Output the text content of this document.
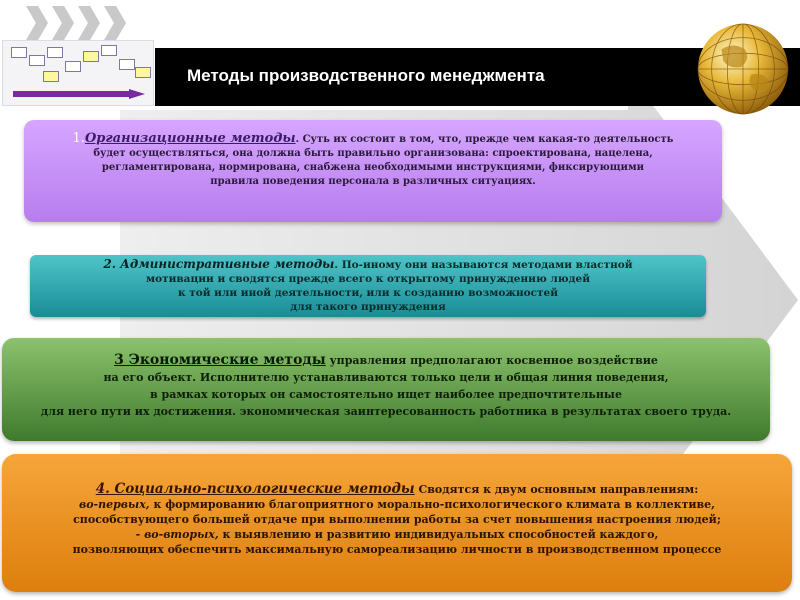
Методы производственного менеджмента
1.Организационные методы. Суть их состоит в том, что, прежде чем какая-то деятельность
будет осуществляться, она должна быть правильно организована: спроектирована, нацелена,
регламентирована, нормирована, снабжена необходимыми инструкциями, фиксирующими
правила поведения персонала в различных ситуациях.
2. Административные методы. По-иному они называются методами властной
мотивации и сводятся прежде всего к открытому принуждению людей
к той или иной деятельности, или к созданию возможностей
для такого принуждения
3 Экономические методы управления предполагают косвенное воздействие
на его объект. Исполнителю устанавливаются только цели и общая линия поведения,
в рамках которых он самостоятельно ищет наиболее предпочтительные
для него пути их достижения. экономическая заинтересованность работника в результатах своего труда.
4. Социально-психологические методы Сводятся к двум основным направлениям:
во-первых, к формированию благоприятного морально-психологического климата в коллективе,
способствующего большей отдаче при выполнении работы за счет повышения настроения людей;
- во-вторых, к выявлению и развитию индивидуальных способностей каждого,
позволяющих обеспечить максимальную самореализацию личности в производственном процессе
